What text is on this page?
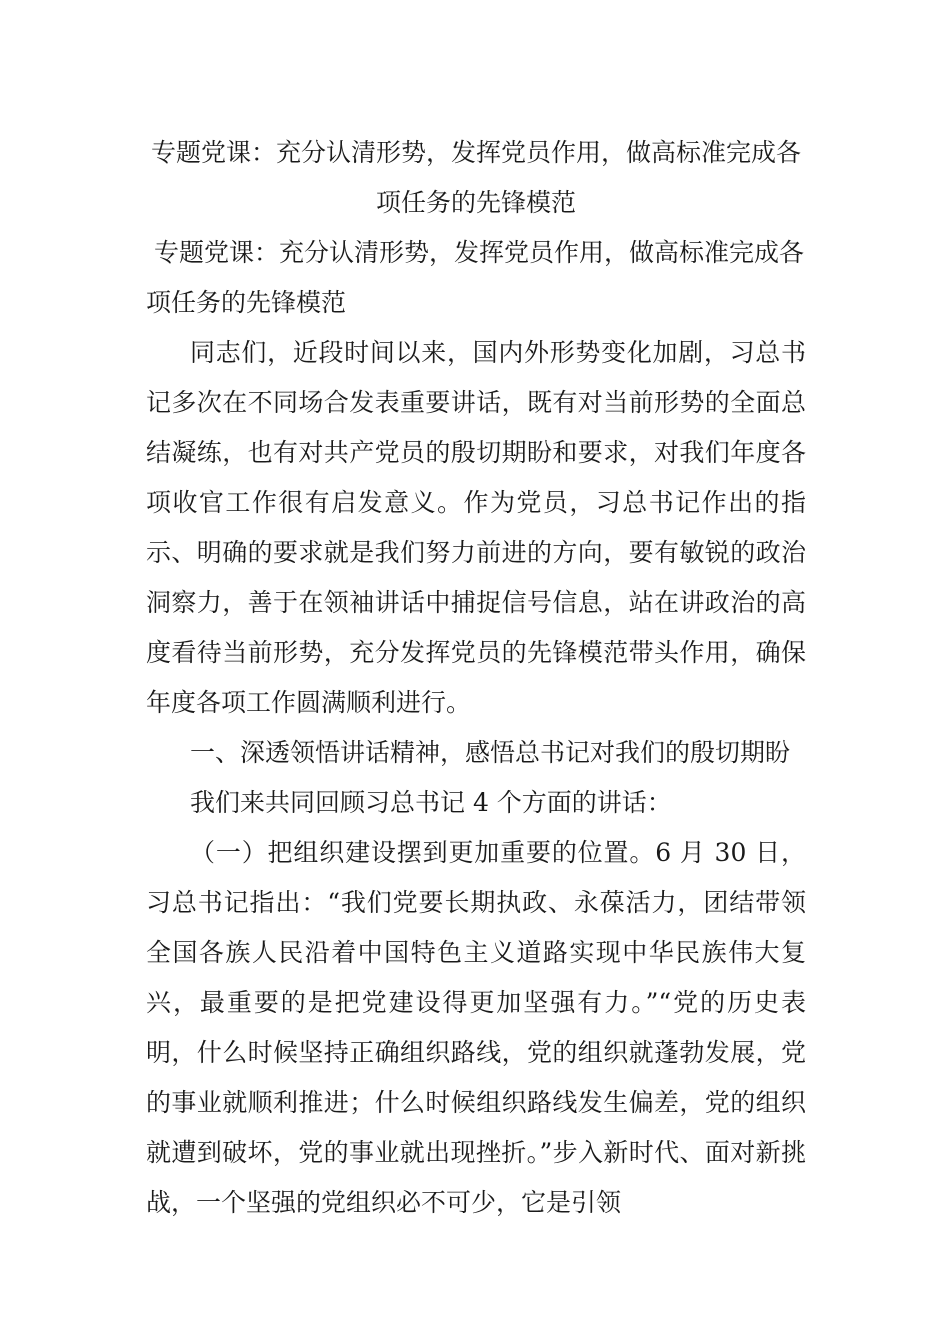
专题党课：充分认清形势，发挥党员作用，做高标准完成各项任务的先锋模范
专题党课：充分认清形势，发挥党员作用，做高标准完成各项任务的先锋模范

同志们，近段时间以来，国内外形势变化加剧，习总书记多次在不同场合发表重要讲话，既有对当前形势的全面总结凝练，也有对共产党员的殷切期盼和要求，对我们年度各项收官工作很有启发意义。作为党员，习总书记作出的指示、明确的要求就是我们努力前进的方向，要有敏锐的政治洞察力，善于在领袖讲话中捕捉信号信息，站在讲政治的高度看待当前形势，充分发挥党员的先锋模范带头作用，确保年度各项工作圆满顺利进行。

一、深透领悟讲话精神，感悟总书记对我们的殷切期盼

我们来共同回顾习总书记 4 个方面的讲话：

（一）把组织建设摆到更加重要的位置。6 月 30 日，习总书记指出：“我们党要长期执政、永葆活力，团结带领全国各族人民沿着中国特色主义道路实现中华民族伟大复兴，最重要的是把党建设得更加坚强有力。”“党的历史表明，什么时候坚持正确组织路线，党的组织就蓬勃发展，党的事业就顺利推进；什么时候组织路线发生偏差，党的组织就遭到破坏，党的事业就出现挫折。”步入新时代、面对新挑战，一个坚强的党组织必不可少，它是引领
